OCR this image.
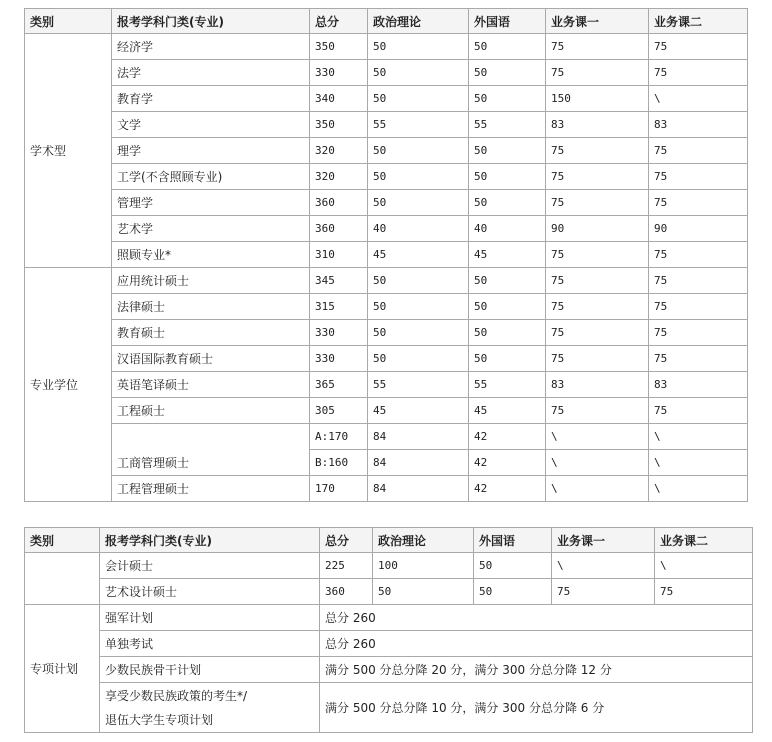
类别	报考学科门类(专业)	总分	政治理论	外国语	业务课一	业务课二
学术型	经济学	350	50	50	75	75
	法学	330	50	50	75	75
	教育学	340	50	50	150	\
	文学	350	55	55	83	83
	理学	320	50	50	75	75
	工学(不含照顾专业)	320	50	50	75	75
	管理学	360	50	50	75	75
	艺术学	360	40	40	90	90
	照顾专业*	310	45	45	75	75
专业学位	应用统计硕士	345	50	50	75	75
	法律硕士	315	50	50	75	75
	教育硕士	330	50	50	75	75
	汉语国际教育硕士	330	50	50	75	75
	英语笔译硕士	365	55	55	83	83
	工程硕士	305	45	45	75	75
	工商管理硕士	A:170	84	42	\	\
		B:160	84	42	\	\
	工程管理硕士	170	84	42	\	\
类别	报考学科门类(专业)	总分	政治理论	外国语	业务课一	业务课二
	会计硕士	225	100	50	\	\
	艺术设计硕士	360	50	50	75	75
专项计划	强军计划	总分 260				

	单独考试	总分 260				

	少数民族骨干计划	满分 500 分总分降 20 分，满分 300 分总分降 12 分				

	享受少数民族政策的考生*/
退伍大学生专项计划	满分 500 分总分降 10 分，满分 300 分总分降 6 分				
